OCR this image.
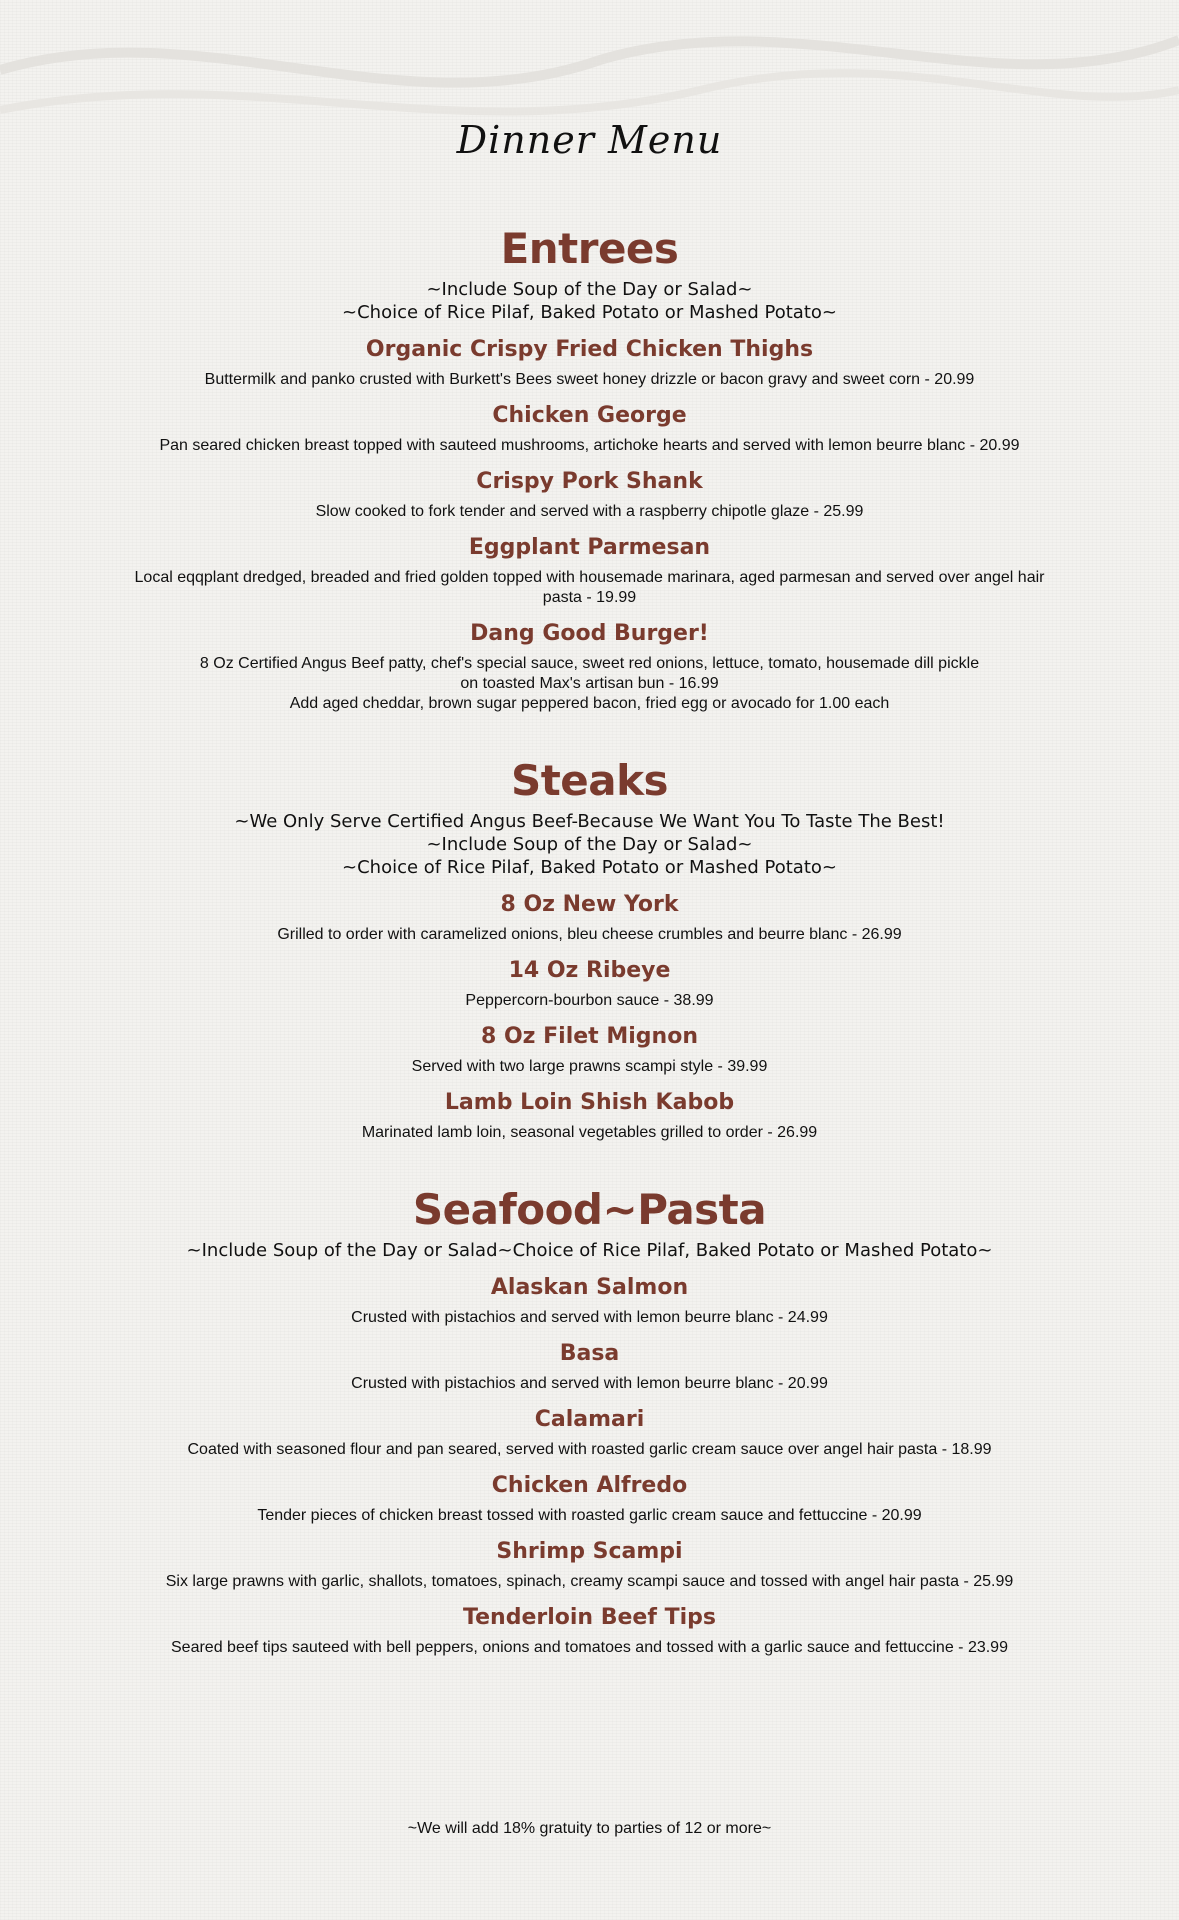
Dinner Menu
Entrees
~Include Soup of the Day or Salad~
~Choice of Rice Pilaf, Baked Potato or Mashed Potato~
Organic Crispy Fried Chicken Thighs
Buttermilk and panko crusted with Burkett's Bees sweet honey drizzle or bacon gravy and sweet corn - 20.99
Chicken George
Pan seared chicken breast topped with sauteed mushrooms, artichoke hearts and served with lemon beurre blanc - 20.99
Crispy Pork Shank
Slow cooked to fork tender and served with a raspberry chipotle glaze - 25.99
Eggplant Parmesan
Local eqqplant dredged, breaded and fried golden topped with housemade marinara, aged parmesan and served over angel hair
pasta - 19.99
Dang Good Burger!
8 Oz Certified Angus Beef patty, chef's special sauce, sweet red onions, lettuce, tomato, housemade dill pickle
on toasted Max's artisan bun - 16.99
Add aged cheddar, brown sugar peppered bacon, fried egg or avocado for 1.00 each
Steaks
~We Only Serve Certified Angus Beef-Because We Want You To Taste The Best!
~Include Soup of the Day or Salad~
~Choice of Rice Pilaf, Baked Potato or Mashed Potato~
8 Oz New York
Grilled to order with caramelized onions, bleu cheese crumbles and beurre blanc - 26.99
14 Oz Ribeye
Peppercorn-bourbon sauce - 38.99
8 Oz Filet Mignon
Served with two large prawns scampi style - 39.99
Lamb Loin Shish Kabob
Marinated lamb loin, seasonal vegetables grilled to order - 26.99
Seafood~Pasta
~Include Soup of the Day or Salad~Choice of Rice Pilaf, Baked Potato or Mashed Potato~
Alaskan Salmon
Crusted with pistachios and served with lemon beurre blanc - 24.99
Basa
Crusted with pistachios and served with lemon beurre blanc - 20.99
Calamari
Coated with seasoned flour and pan seared, served with roasted garlic cream sauce over angel hair pasta - 18.99
Chicken Alfredo
Tender pieces of chicken breast tossed with roasted garlic cream sauce and fettuccine - 20.99
Shrimp Scampi
Six large prawns with garlic, shallots, tomatoes, spinach, creamy scampi sauce and tossed with angel hair pasta - 25.99
Tenderloin Beef Tips
Seared beef tips sauteed with bell peppers, onions and tomatoes and tossed with a garlic sauce and fettuccine - 23.99
~We will add 18% gratuity to parties of 12 or more~
